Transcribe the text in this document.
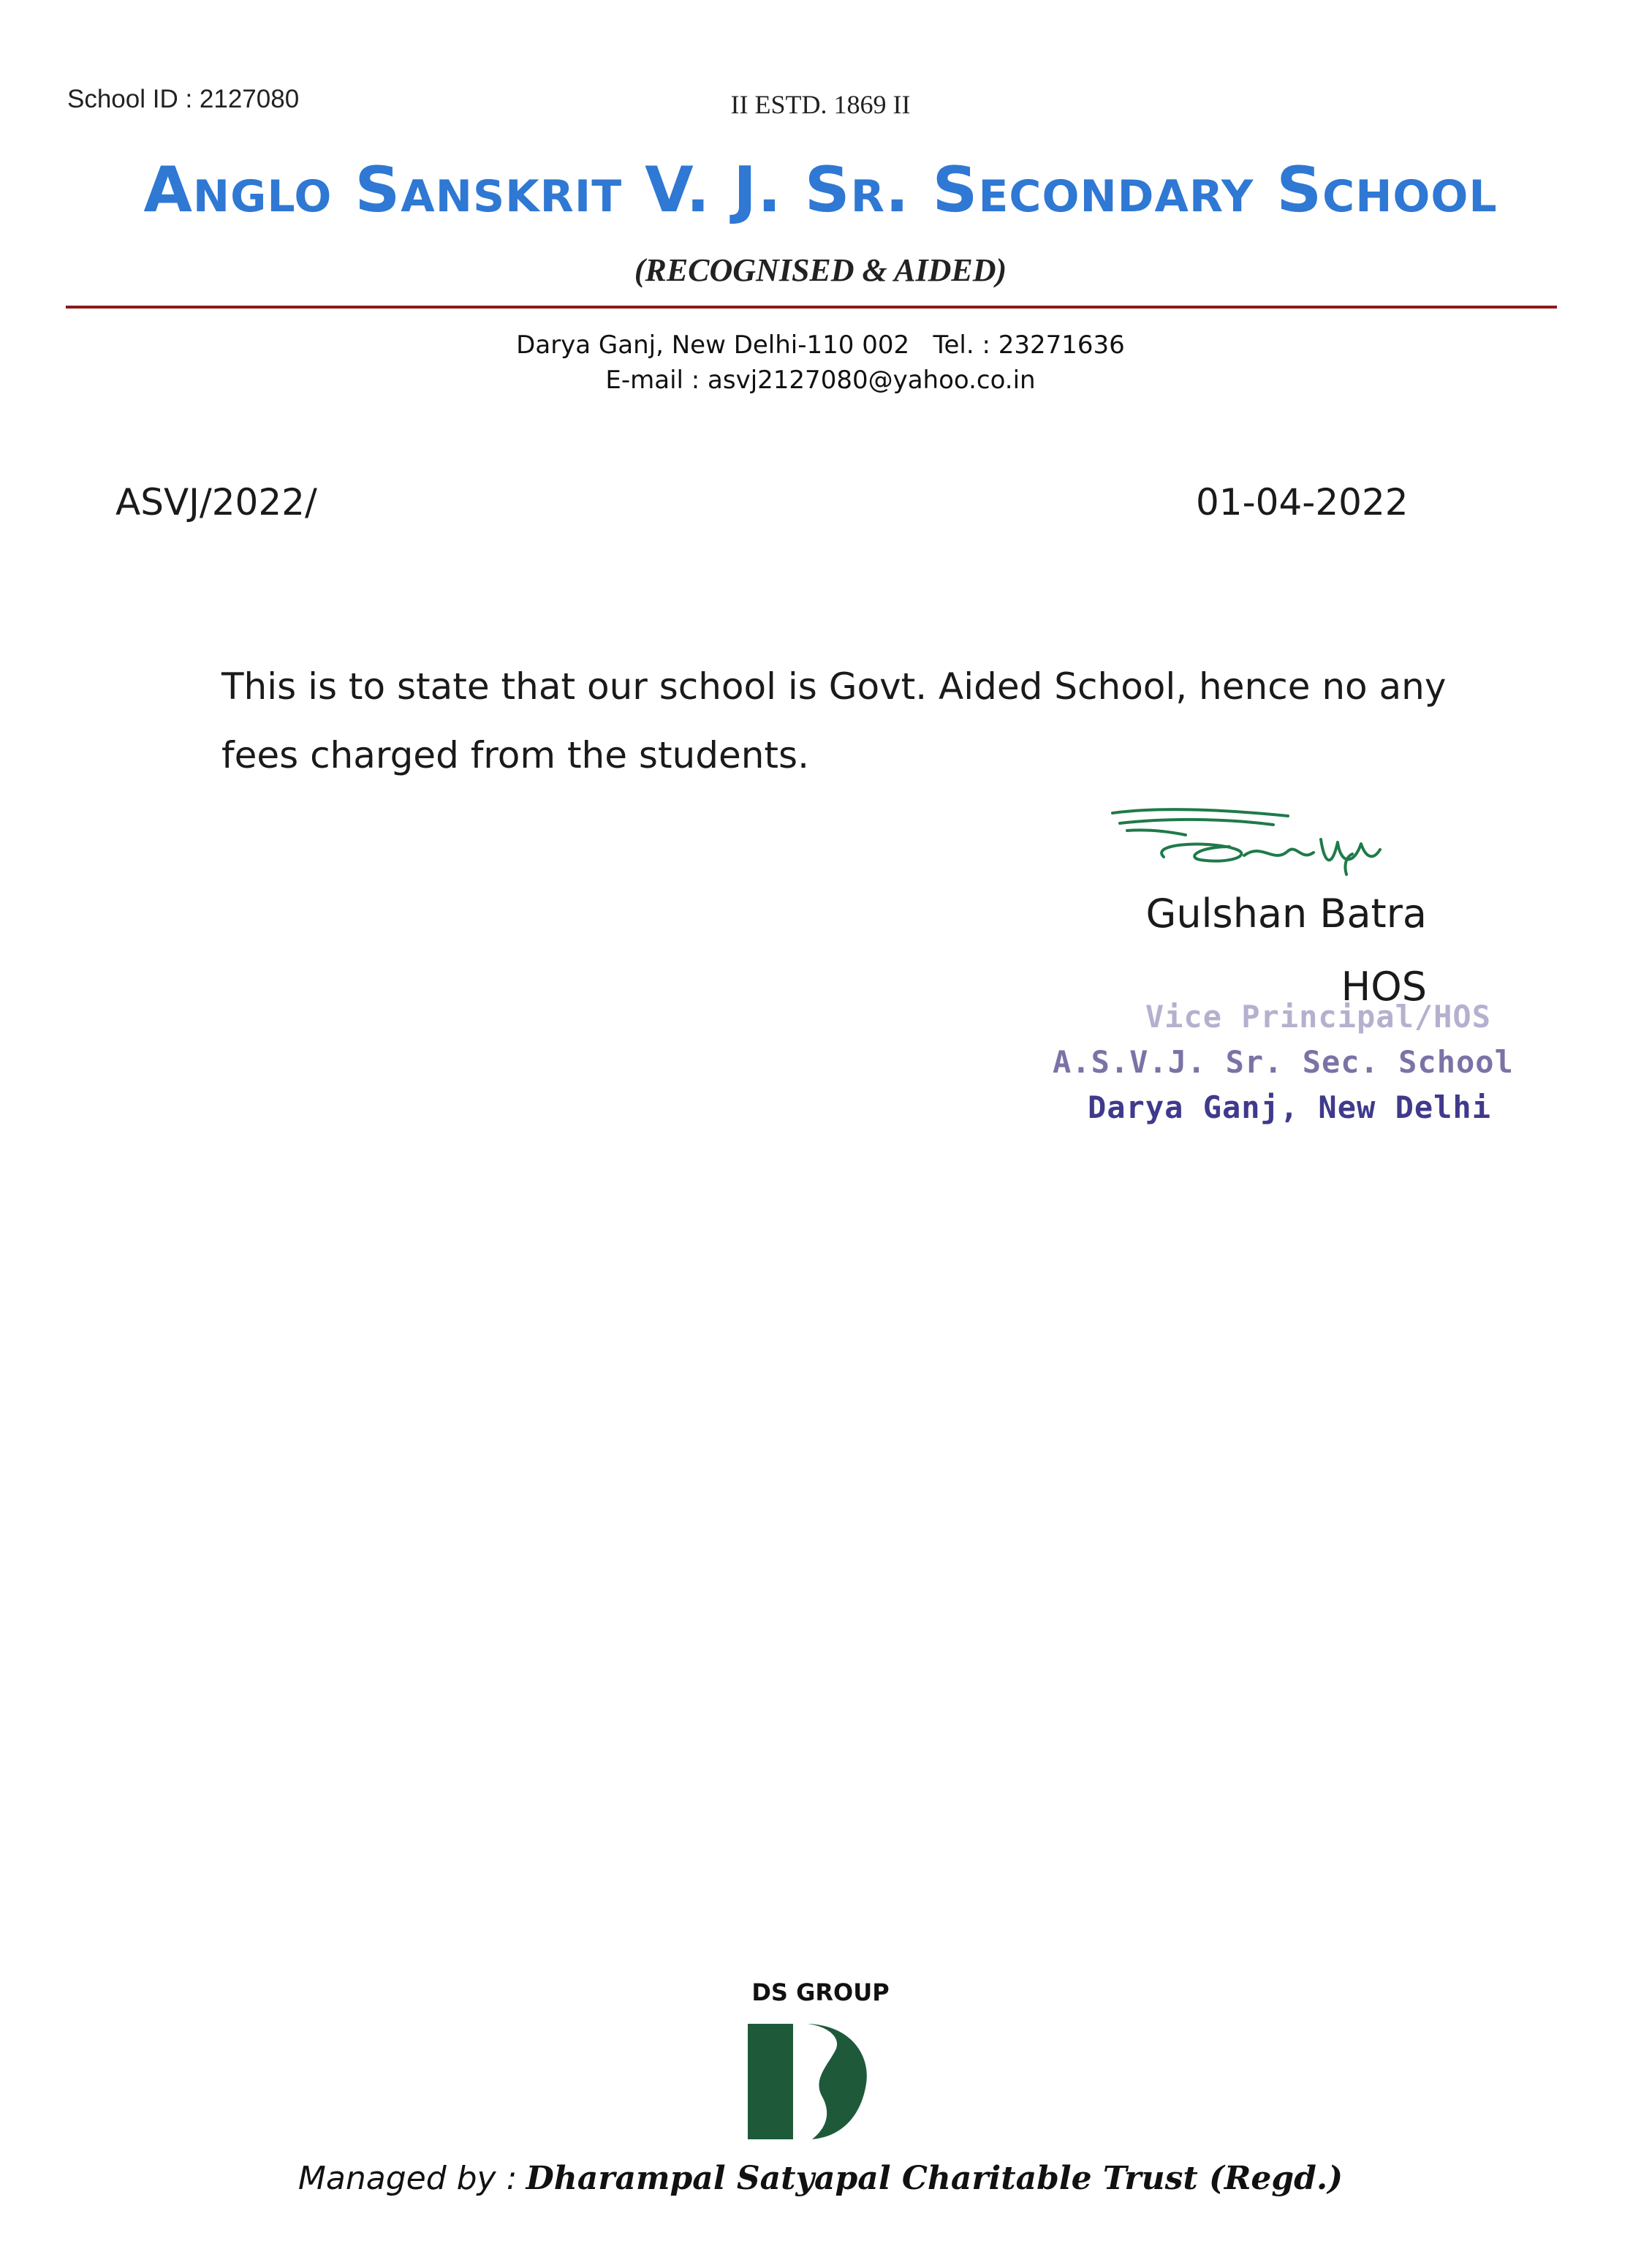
School ID : 2127080	II ESTD. 1869 II
Anglo Sanskrit V. J. Sr. Secondary School
(RECOGNISED & AIDED)
Darya Ganj, New Delhi-110 002   Tel. : 23271636
E-mail : asvj2127080@yahoo.co.in
ASVJ/2022/	01-04-2022
This is to state that our school is Govt. Aided School, hence no any fees charged from the students.
Gulshan Batra
Vice Principal/HOS
A.S.V.J. Sr. Sec. School
Darya Ganj, New Delhi
HOS
DS GROUP
Managed by : Dharampal Satyapal Charitable Trust (Regd.)
